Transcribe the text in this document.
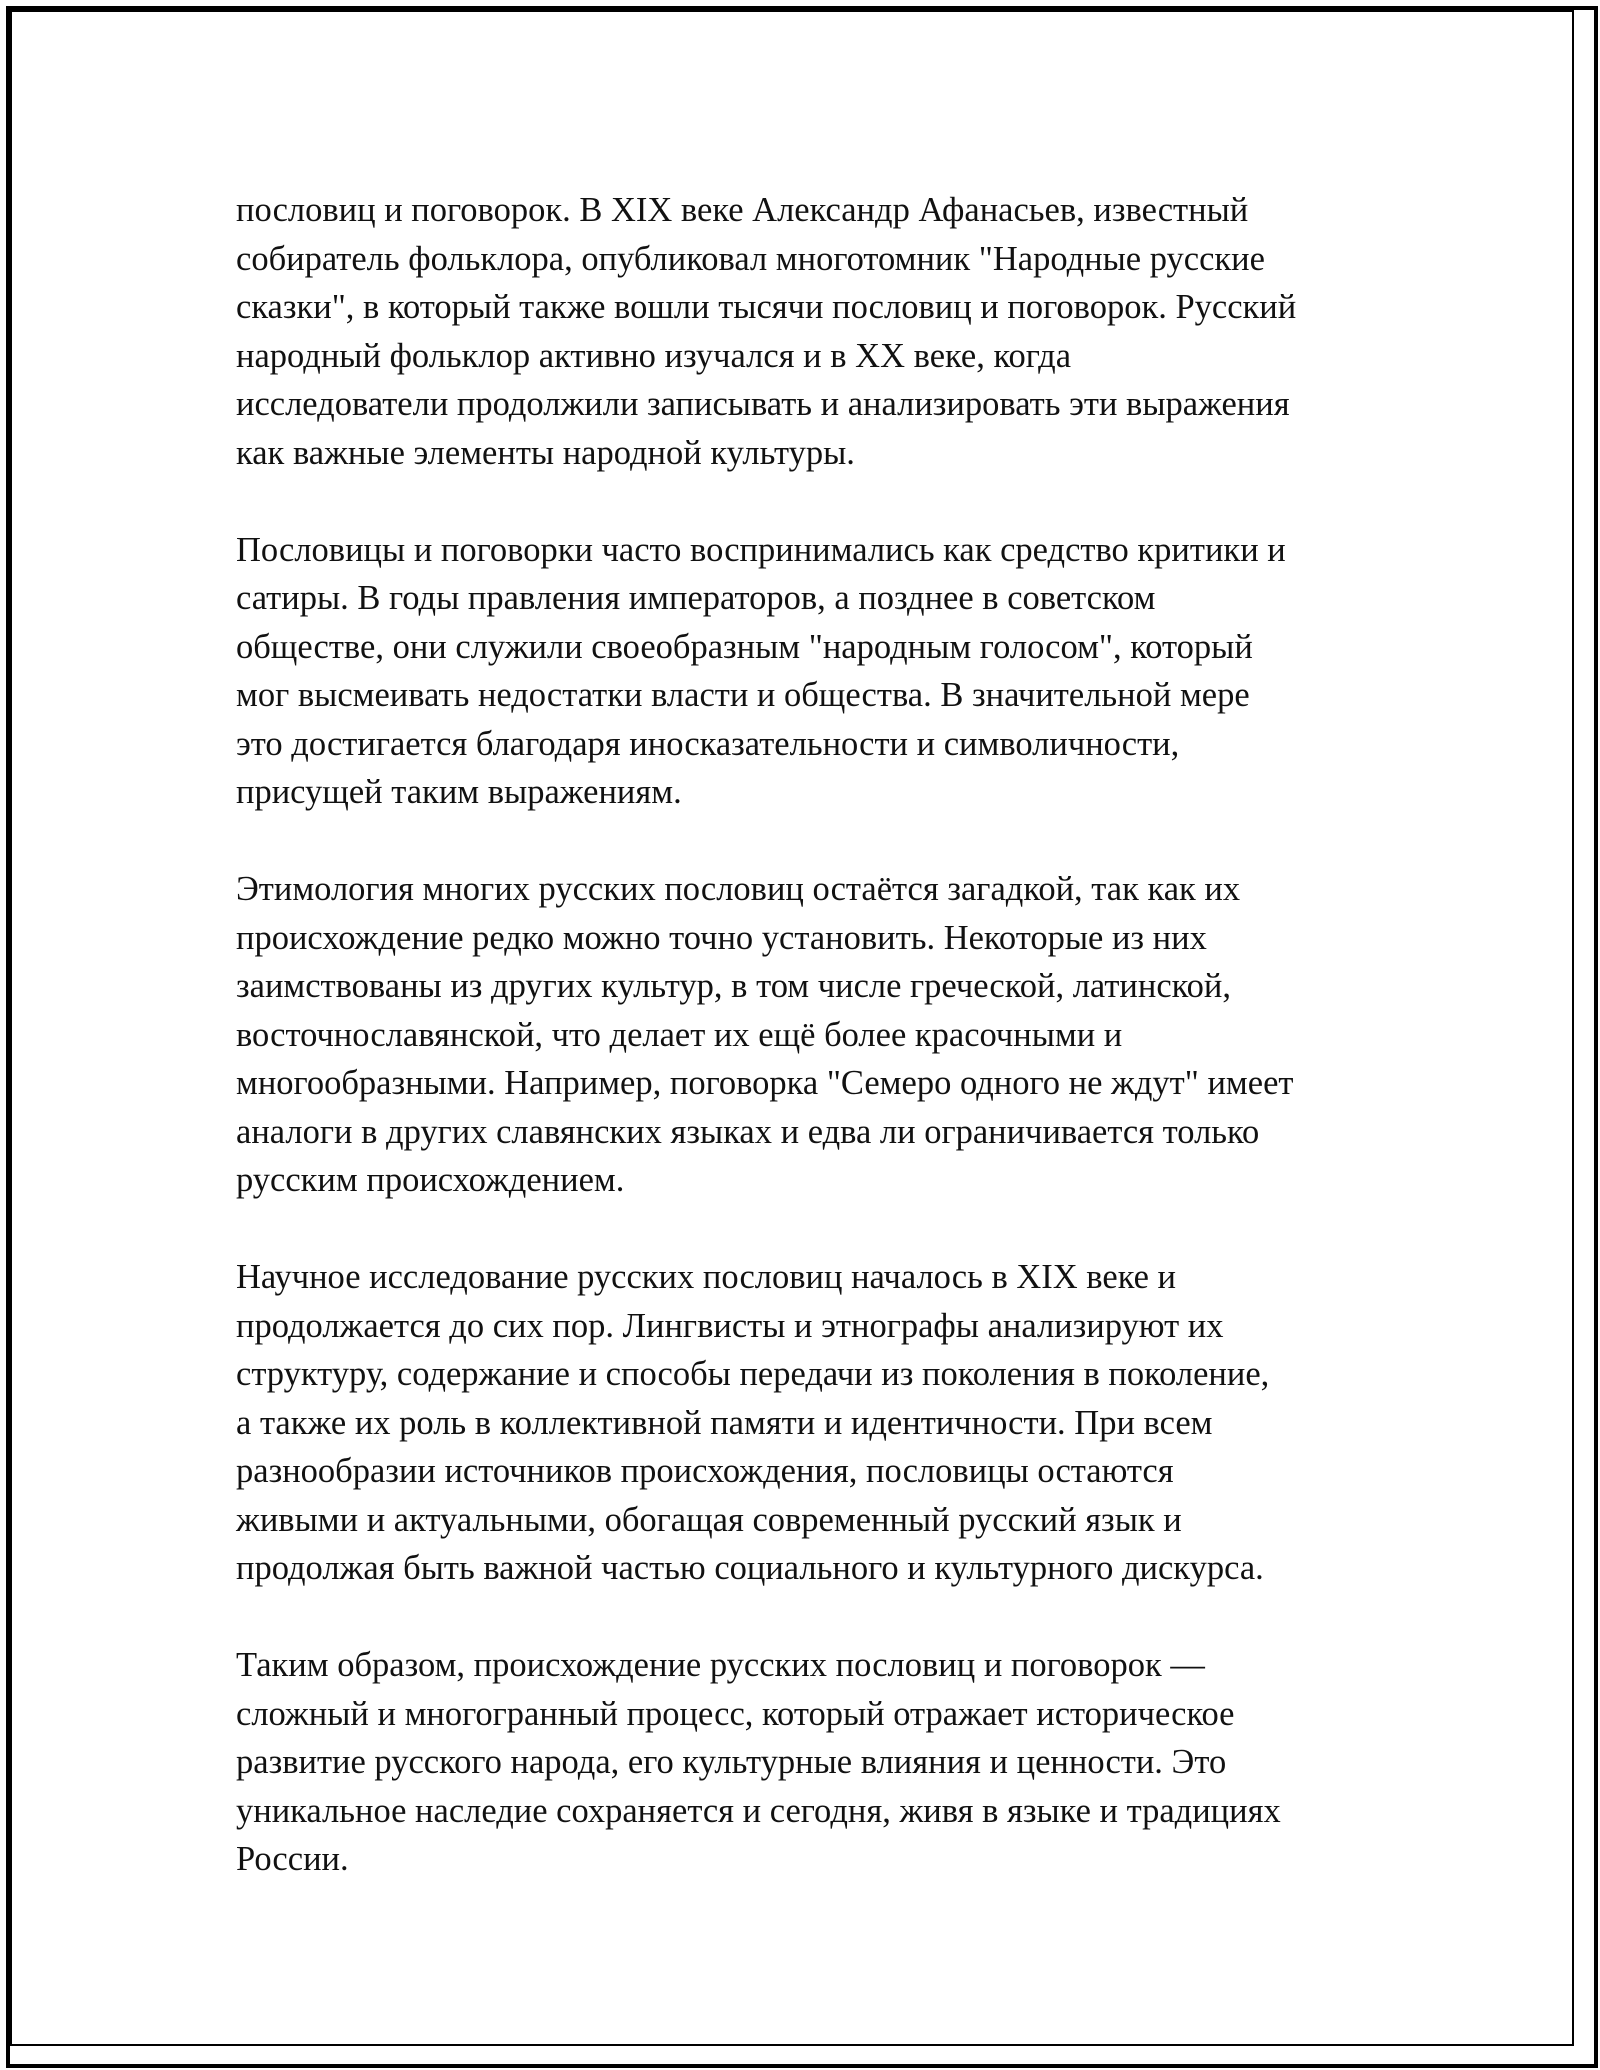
пословиц и поговорок. В XIX веке Александр Афанасьев, известный
собиратель фольклора, опубликовал многотомник "Народные русские
сказки", в который также вошли тысячи пословиц и поговорок. Русский
народный фольклор активно изучался и в XX веке, когда
исследователи продолжили записывать и анализировать эти выражения
как важные элементы народной культуры.

Пословицы и поговорки часто воспринимались как средство критики и
сатиры. В годы правления императоров, а позднее в советском
обществе, они служили своеобразным "народным голосом", который
мог высмеивать недостатки власти и общества. В значительной мере
это достигается благодаря иносказательности и символичности,
присущей таким выражениям.

Этимология многих русских пословиц остаётся загадкой, так как их
происхождение редко можно точно установить. Некоторые из них
заимствованы из других культур, в том числе греческой, латинской,
восточнославянской, что делает их ещё более красочными и
многообразными. Например, поговорка "Семеро одного не ждут" имеет
аналоги в других славянских языках и едва ли ограничивается только
русским происхождением.

Научное исследование русских пословиц началось в XIX веке и
продолжается до сих пор. Лингвисты и этнографы анализируют их
структуру, содержание и способы передачи из поколения в поколение,
а также их роль в коллективной памяти и идентичности. При всем
разнообразии источников происхождения, пословицы остаются
живыми и актуальными, обогащая современный русский язык и
продолжая быть важной частью социального и культурного дискурса.

Таким образом, происхождение русских пословиц и поговорок —
сложный и многогранный процесс, который отражает историческое
развитие русского народа, его культурные влияния и ценности. Это
уникальное наследие сохраняется и сегодня, живя в языке и традициях
России.
